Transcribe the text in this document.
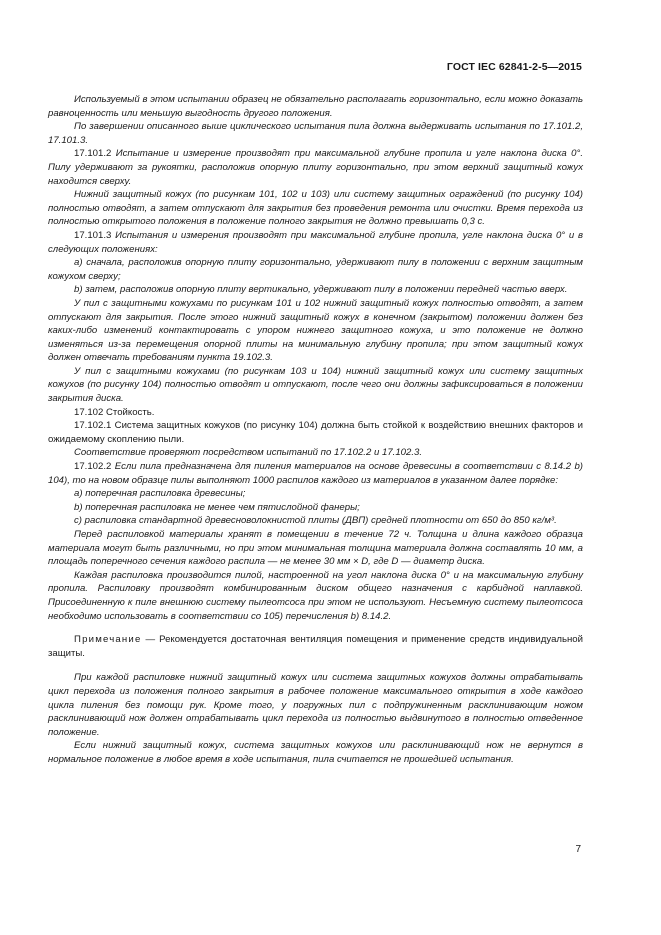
ГОСТ IEC 62841-2-5—2015

Используемый в этом испытании образец не обязательно располагать горизонтально, если можно доказать равноценность или меньшую выгодность другого положения.

По завершении описанного выше циклического испытания пила должна выдерживать испытания по 17.101.2, 17.101.3.

17.101.2 Испытание и измерение производят при максимальной глубине пропила и угле наклона диска 0°. Пилу удерживают за рукоятки, расположив опорную плиту горизонтально, при этом верхний защитный кожух находится сверху.

Нижний защитный кожух (по рисункам 101, 102 и 103) или систему защитных ограждений (по рисунку 104) полностью отводят, а затем отпускают для закрытия без проведения ремонта или очистки. Время перехода из полностью открытого положения в положение полного закрытия не должно превышать 0,3 с.

17.101.3 Испытания и измерения производят при максимальной глубине пропила, угле наклона диска 0° и в следующих положениях:

a) сначала, расположив опорную плиту горизонтально, удерживают пилу в положении с верхним защитным кожухом сверху;

b) затем, расположив опорную плиту вертикально, удерживают пилу в положении передней частью вверх.

У пил с защитными кожухами по рисункам 101 и 102 нижний защитный кожух полностью отводят, а затем отпускают для закрытия. После этого нижний защитный кожух в конечном (закрытом) положении должен без каких-либо изменений контактировать с упором нижнего защитного кожуха, и это положение не должно изменяться из-за перемещения опорной плиты на минимальную глубину пропила; при этом защитный кожух должен отвечать требованиям пункта 19.102.3.

У пил с защитными кожухами (по рисункам 103 и 104) нижний защитный кожух или систему защитных кожухов (по рисунку 104) полностью отводят и отпускают, после чего они должны зафиксироваться в положении закрытия диска.

17.102 Стойкость.

17.102.1 Система защитных кожухов (по рисунку 104) должна быть стойкой к воздействию внешних факторов и ожидаемому скоплению пыли.

Соответствие проверяют посредством испытаний по 17.102.2 и 17.102.3.

17.102.2 Если пила предназначена для пиления материалов на основе древесины в соответствии с 8.14.2 b) 104), то на новом образце пилы выполняют 1000 распилов каждого из материалов в указанном далее порядке:

a) поперечная распиловка древесины;

b) поперечная распиловка не менее чем пятислойной фанеры;

c) распиловка стандартной древесноволокнистой плиты (ДВП) средней плотности от 650 до 850 кг/м³.

Перед распиловкой материалы хранят в помещении в течение 72 ч. Толщина и длина каждого образца материала могут быть различными, но при этом минимальная толщина материала должна составлять 10 мм, а площадь поперечного сечения каждого распила — не менее 30 мм × D, где D — диаметр диска.

Каждая распиловка производится пилой, настроенной на угол наклона диска 0° и на максимальную глубину пропила. Распиловку производят комбинированным диском общего назначения с карбидной наплавкой. Присоединенную к пиле внешнюю систему пылеотсоса при этом не используют. Несъемную систему пылеотсоса необходимо использовать в соответствии со 105) перечисления b) 8.14.2.

Примечание — Рекомендуется достаточная вентиляция помещения и применение средств индивидуальной защиты.

При каждой распиловке нижний защитный кожух или система защитных кожухов должны отрабатывать цикл перехода из положения полного закрытия в рабочее положение максимального открытия в ходе каждого цикла пиления без помощи рук. Кроме того, у погружных пил с подпружиненным расклинивающим ножом расклинивающий нож должен отрабатывать цикл перехода из полностью выдвинутого в полностью отведенное положение.

Если нижний защитный кожух, система защитных кожухов или расклинивающий нож не вернутся в нормальное положение в любое время в ходе испытания, пила считается не прошедшей испытания.

7
